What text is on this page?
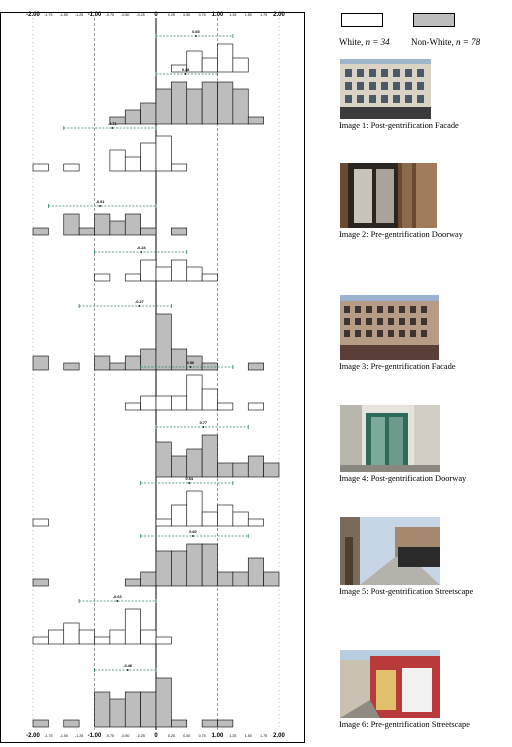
-2.00 -1.75 -1.50 -1.25 -1.00 -0.75 -0.50 -0.25 0	0.25 0.50 0.75 1.00 1.25 1.50 1.75 2.00
-2.00 -1.75 -1.50 -1.25 -1.00 -0.75 -0.50 -0.25 0	0.25 0.50 0.75 1.00 1.25 1.50 1.75 2.00
0.65
0.48
-0.71
-0.91
-0.24
-0.27
0.56
0.77
0.54
0.60
-0.63
-0.46
White, n = 34 Non-White, n = 78
Image 1: Post-gentrification Facade
Image 2: Pre-gentrification Doorway
Image 3: Pre-gentrification Facade
Image 4: Post-gentrification Doorway
Image 5: Post-gentrification Streetscape
Image 6: Pre-gentrification Streetscape
